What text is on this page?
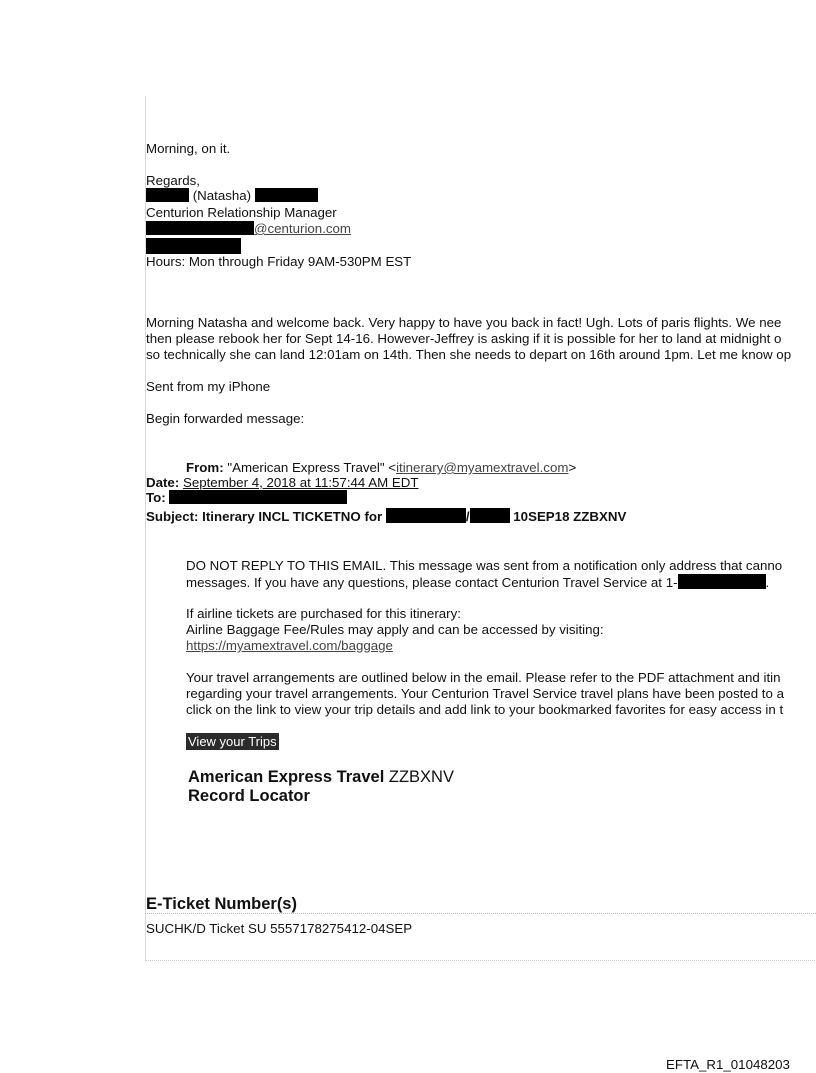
Morning, on it.
Regards,
(Natasha)
Centurion Relationship Manager
@centurion.com
Hours: Mon through Friday 9AM-530PM EST
Morning Natasha and welcome back. Very happy to have you back in fact! Ugh. Lots of paris flights. We nee
then please rebook her for Sept 14-16. However-Jeffrey is asking if it is possible for her to land at midnight o
so technically she can land 12:01am on 14th. Then she needs to depart on 16th around 1pm. Let me know op
Sent from my iPhone
Begin forwarded message:
From: "American Express Travel" <itinerary@myamextravel.com>
Date: September 4, 2018 at 11:57:44 AM EDT
To:
Subject: Itinerary INCL TICKETNO for	/	10SEP18 ZZBXNV
DO NOT REPLY TO THIS EMAIL. This message was sent from a notification only address that canno
messages. If you have any questions, please contact Centurion Travel Service at 1-	.
If airline tickets are purchased for this itinerary:
Airline Baggage Fee/Rules may apply and can be accessed by visiting:
https://myamextravel.com/baggage
Your travel arrangements are outlined below in the email. Please refer to the PDF attachment and itin
regarding your travel arrangements. Your Centurion Travel Service travel plans have been posted to a
click on the link to view your trip details and add link to your bookmarked favorites for easy access in t
View your Trips
American Express Travel ZZBXNV
Record Locator
E-Ticket Number(s)
SUCHK/D Ticket SU 5557178275412-04SEP
EFTA_R1_01048203
